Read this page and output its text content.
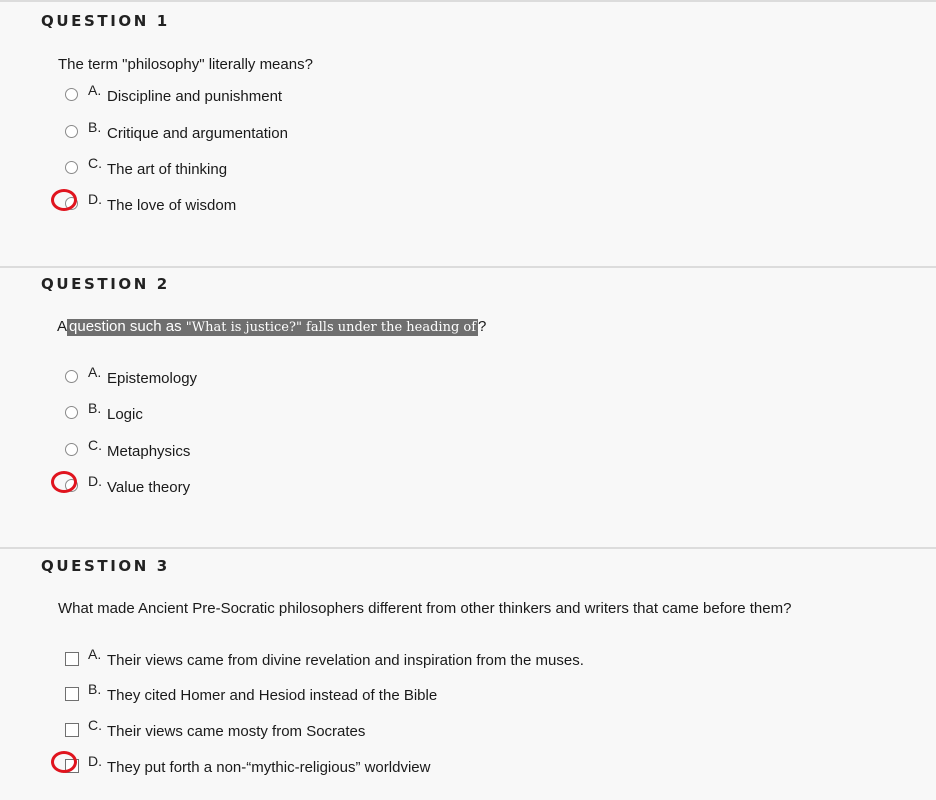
QUESTION 1
The term "philosophy" literally means?
A. Discipline and punishment
B. Critique and argumentation
C. The art of thinking
D. The love of wisdom
QUESTION 2
A question such as "What is justice?" falls under the heading of ?
A. Epistemology
B. Logic
C. Metaphysics
D. Value theory
QUESTION 3
What made Ancient Pre-Socratic philosophers different from other thinkers and writers that came before them?
A. Their views came from divine revelation and inspiration from the muses.
B. They cited Homer and Hesiod instead of the Bible
C. Their views came mosty from Socrates
D. They put forth a non-“mythic-religious” worldview
